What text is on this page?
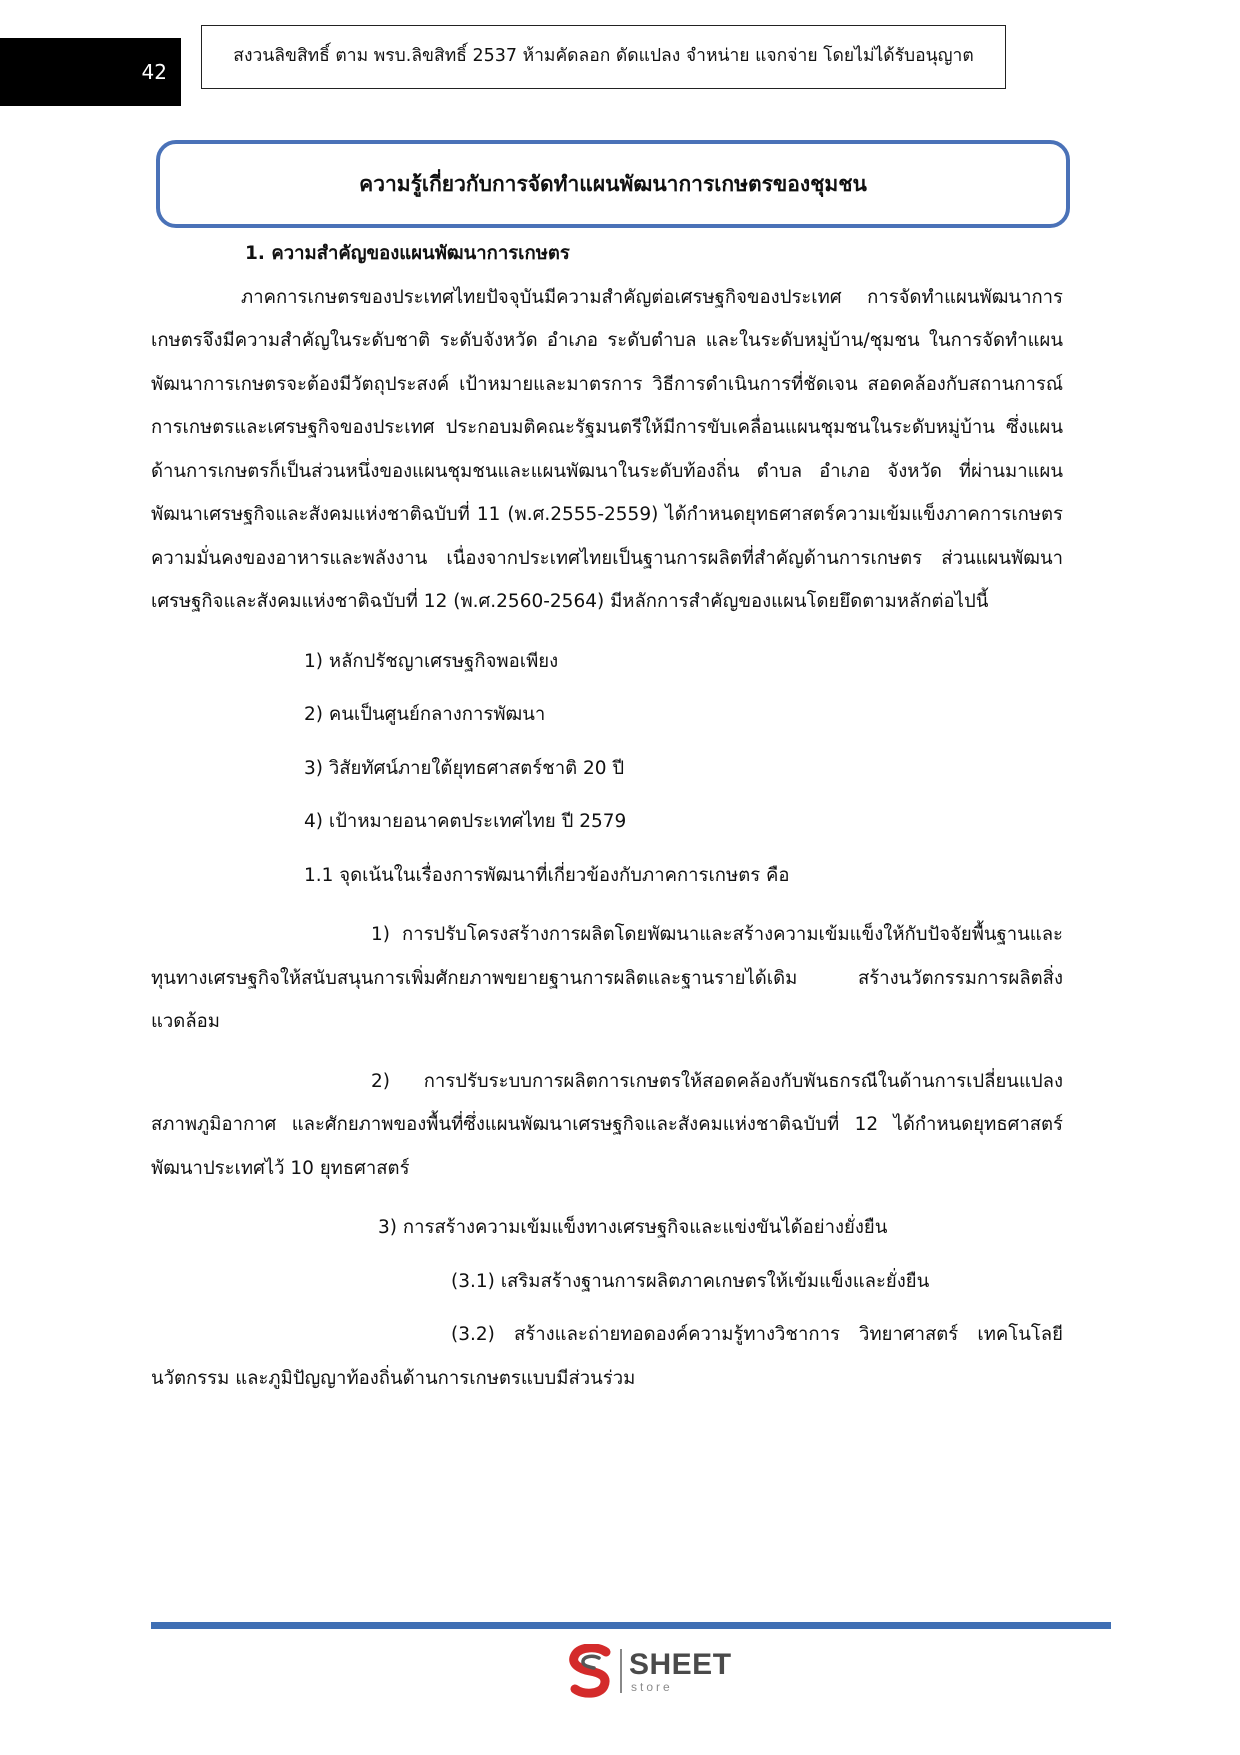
42
สงวนลิขสิทธิ์ ตาม พรบ.ลิขสิทธิ์ 2537 ห้ามคัดลอก ดัดแปลง จำหน่าย แจกจ่าย โดยไม่ได้รับอนุญาต
ความรู้เกี่ยวกับการจัดทำแผนพัฒนาการเกษตรของชุมชน

1. ความสำคัญของแผนพัฒนาการเกษตร

ภาคการเกษตรของประเทศไทยปัจจุบันมีความสำคัญต่อเศรษฐกิจของประเทศ การจัดทำแผนพัฒนาการเกษตรจึงมีความสำคัญในระดับชาติ ระดับจังหวัด อำเภอ ระดับตำบล และในระดับหมู่บ้าน/ชุมชน ในการจัดทำแผนพัฒนาการเกษตรจะต้องมีวัตถุประสงค์ เป้าหมายและมาตรการ วิธีการดำเนินการที่ชัดเจน สอดคล้องกับสถานการณ์การเกษตรและเศรษฐกิจของประเทศ ประกอบมติคณะรัฐมนตรีให้มีการขับเคลื่อนแผนชุมชนในระดับหมู่บ้าน ซึ่งแผนด้านการเกษตรก็เป็นส่วนหนึ่งของแผนชุมชนและแผนพัฒนาในระดับท้องถิ่น ตำบล อำเภอ จังหวัด ที่ผ่านมาแผนพัฒนาเศรษฐกิจและสังคมแห่งชาติฉบับที่ 11 (พ.ศ.2555-2559) ได้กำหนดยุทธศาสตร์ความเข้มแข็งภาคการเกษตร ความมั่นคงของอาหารและพลังงาน เนื่องจากประเทศไทยเป็นฐานการผลิตที่สำคัญด้านการเกษตร ส่วนแผนพัฒนาเศรษฐกิจและสังคมแห่งชาติฉบับที่ 12 (พ.ศ.2560-2564) มีหลักการสำคัญของแผนโดยยึดตามหลักต่อไปนี้

1) หลักปรัชญาเศรษฐกิจพอเพียง

2) คนเป็นศูนย์กลางการพัฒนา

3) วิสัยทัศน์ภายใต้ยุทธศาสตร์ชาติ 20 ปี

4) เป้าหมายอนาคตประเทศไทย ปี 2579

1.1 จุดเน้นในเรื่องการพัฒนาที่เกี่ยวข้องกับภาคการเกษตร คือ

1) การปรับโครงสร้างการผลิตโดยพัฒนาและสร้างความเข้มแข็งให้กับปัจจัยพื้นฐานและทุนทางเศรษฐกิจให้สนับสนุนการเพิ่มศักยภาพขยายฐานการผลิตและฐานรายได้เดิม สร้างนวัตกรรมการผลิตสิ่งแวดล้อม

2) การปรับระบบการผลิตการเกษตรให้สอดคล้องกับพันธกรณีในด้านการเปลี่ยนแปลงสภาพภูมิอากาศ และศักยภาพของพื้นที่ซึ่งแผนพัฒนาเศรษฐกิจและสังคมแห่งชาติฉบับที่ 12 ได้กำหนดยุทธศาสตร์พัฒนาประเทศไว้ 10 ยุทธศาสตร์

3) การสร้างความเข้มแข็งทางเศรษฐกิจและแข่งขันได้อย่างยั่งยืน

(3.1) เสริมสร้างฐานการผลิตภาคเกษตรให้เข้มแข็งและยั่งยืน

(3.2) สร้างและถ่ายทอดองค์ความรู้ทางวิชาการ วิทยาศาสตร์ เทคโนโลยี นวัตกรรม และภูมิปัญญาท้องถิ่นด้านการเกษตรแบบมีส่วนร่วม

SHEET
store
